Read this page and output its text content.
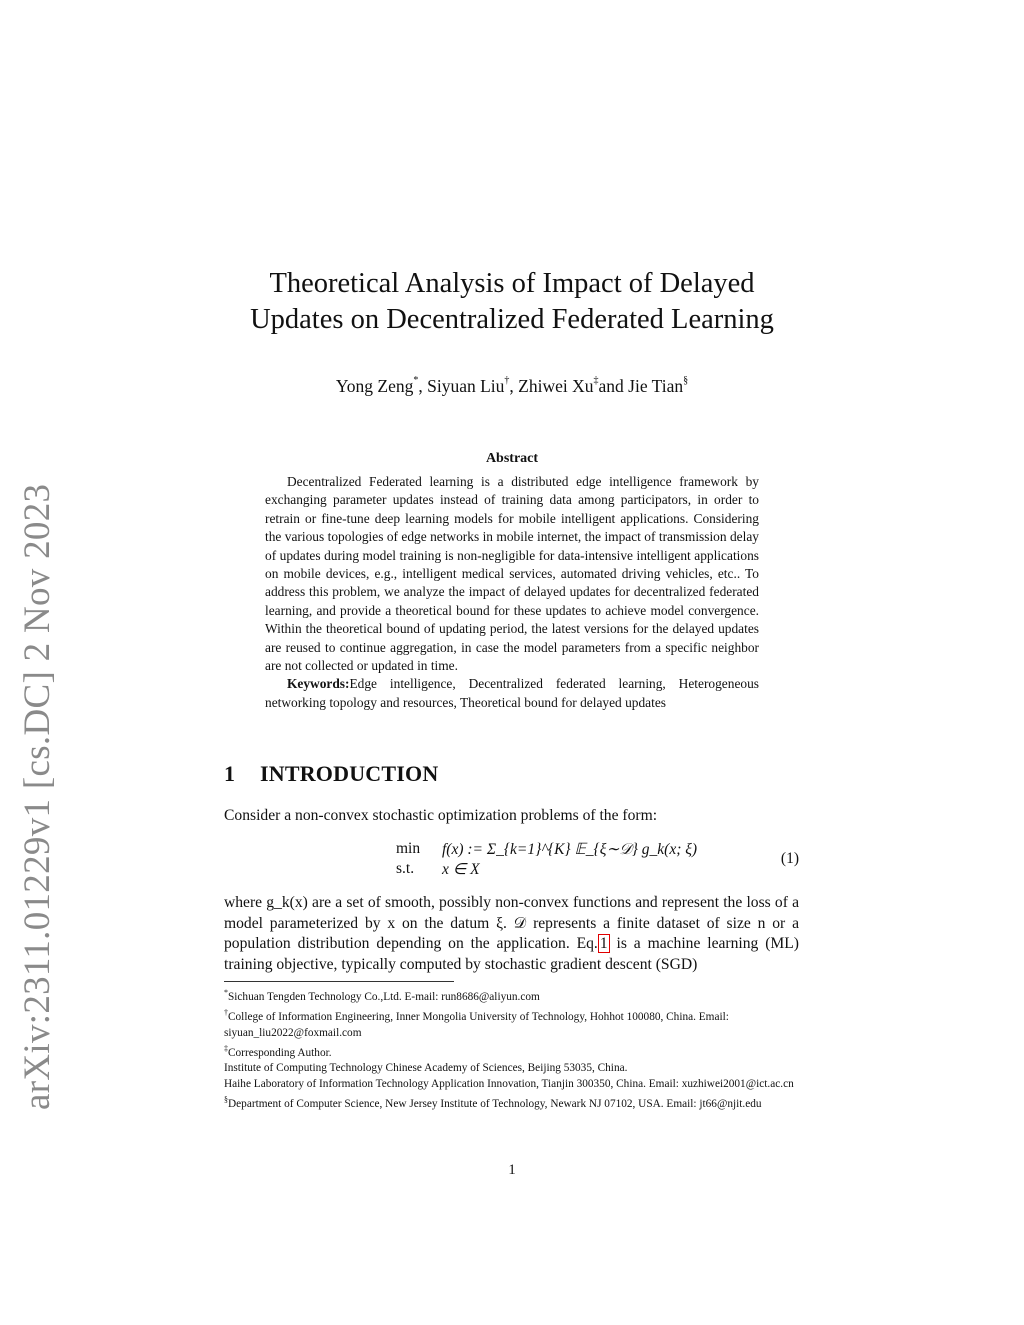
arXiv:2311.01229v1 [cs.DC] 2 Nov 2023
Theoretical Analysis of Impact of Delayed
Updates on Decentralized Federated Learning
Yong Zeng*, Siyuan Liu†, Zhiwei Xu‡and Jie Tian§
Abstract

Decentralized Federated learning is a distributed edge intelligence framework by exchanging parameter updates instead of training data among participators, in order to retrain or fine-tune deep learning models for mobile intelligent applications. Considering the various topologies of edge networks in mobile internet, the impact of transmission delay of updates during model training is non-negligible for data-intensive intelligent applications on mobile devices, e.g., intelligent medical services, automated driving vehicles, etc.. To address this problem, we analyze the impact of delayed updates for decentralized federated learning, and provide a theoretical bound for these updates to achieve model convergence. Within the theoretical bound of updating period, the latest versions for the delayed updates are reused to continue aggregation, in case the model parameters from a specific neighbor are not collected or updated in time.

Keywords:Edge intelligence, Decentralized federated learning, Heterogeneous networking topology and resources, Theoretical bound for delayed updates

1 INTRODUCTION
Consider a non-convex stochastic optimization problems of the form:
min f(x) := Σ_{k=1}^{K} 𝔼_{ξ∼𝒟} g_k(x; ξ)
s.t. x ∈ X
(1)
where g_k(x) are a set of smooth, possibly non-convex functions and represent the loss of a model parameterized by x on the datum ξ. 𝒟 represents a finite dataset of size n or a population distribution depending on the application. Eq. 1 is a machine learning (ML) training objective, typically computed by stochastic gradient descent (SGD)

*Sichuan Tengden Technology Co.,Ltd. E-mail: run8686@aliyun.com

†College of Information Engineering, Inner Mongolia University of Technology, Hohhot 100080, China. Email: siyuan_liu2022@foxmail.com

‡Corresponding Author.

Institute of Computing Technology Chinese Academy of Sciences, Beijing 53035, China.

Haihe Laboratory of Information Technology Application Innovation, Tianjin 300350, China. Email: xuzhiwei2001@ict.ac.cn

§Department of Computer Science, New Jersey Institute of Technology, Newark NJ 07102, USA. Email: jt66@njit.edu

1
